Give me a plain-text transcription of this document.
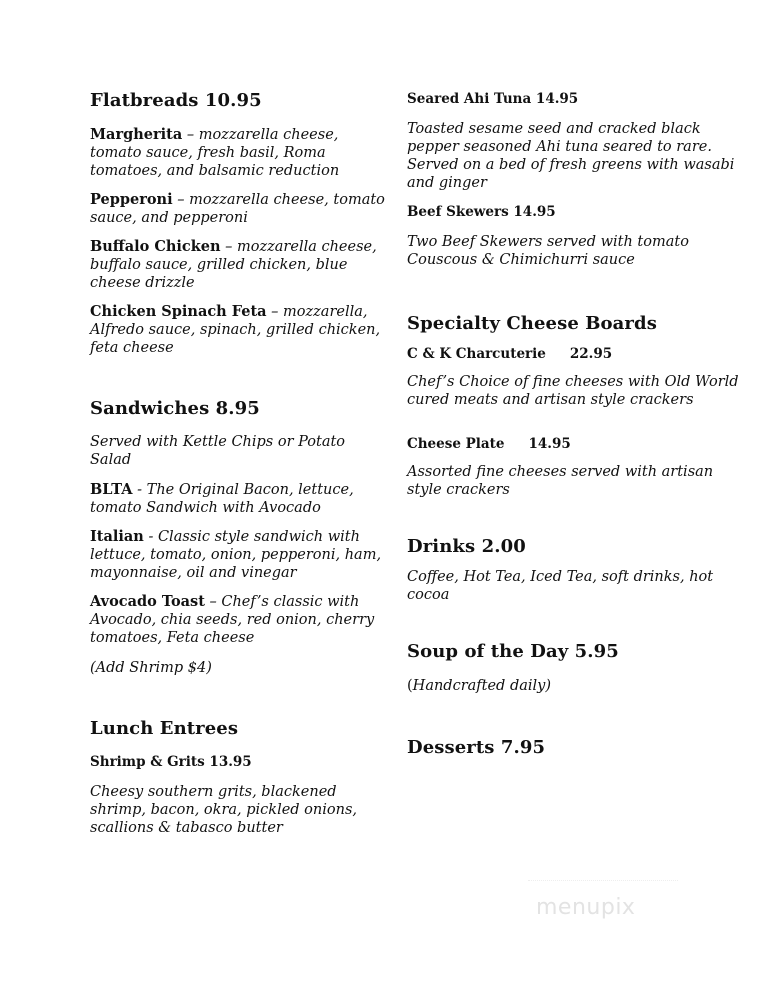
Flatbreads 10.95

Margherita – mozzarella cheese, tomato sauce, fresh basil, Roma tomatoes, and balsamic reduction

Pepperoni – mozzarella cheese, tomato sauce, and pepperoni

Buffalo Chicken – mozzarella cheese, buffalo sauce, grilled chicken, blue cheese drizzle

Chicken Spinach Feta – mozzarella, Alfredo sauce, spinach, grilled chicken, feta cheese

Sandwiches 8.95

Served with Kettle Chips or Potato Salad

BLTA - The Original Bacon, lettuce, tomato Sandwich with Avocado

Italian - Classic style sandwich with lettuce, tomato, onion, pepperoni, ham, mayonnaise, oil and vinegar

Avocado Toast – Chef’s classic with Avocado, chia seeds, red onion, cherry tomatoes, Feta cheese

(Add Shrimp $4)

Lunch Entrees
Shrimp & Grits 13.95

Cheesy southern grits, blackened shrimp, bacon, okra, pickled onions, scallions & tabasco butter

Seared Ahi Tuna 14.95

Toasted sesame seed and cracked black pepper seasoned Ahi tuna seared to rare. Served on a bed of fresh greens with wasabi and ginger

Beef Skewers 14.95

Two Beef Skewers served with tomato Couscous & Chimichurri sauce

Specialty Cheese Boards
C & K Charcuterie 22.95

Chef’s Choice of fine cheeses with Old World cured meats and artisan style crackers

Cheese Plate 14.95

Assorted fine cheeses served with artisan style crackers

Drinks 2.00

Coffee, Hot Tea, Iced Tea, soft drinks, hot cocoa

Soup of the Day 5.95

(Handcrafted daily)

Desserts 7.95
menupix
